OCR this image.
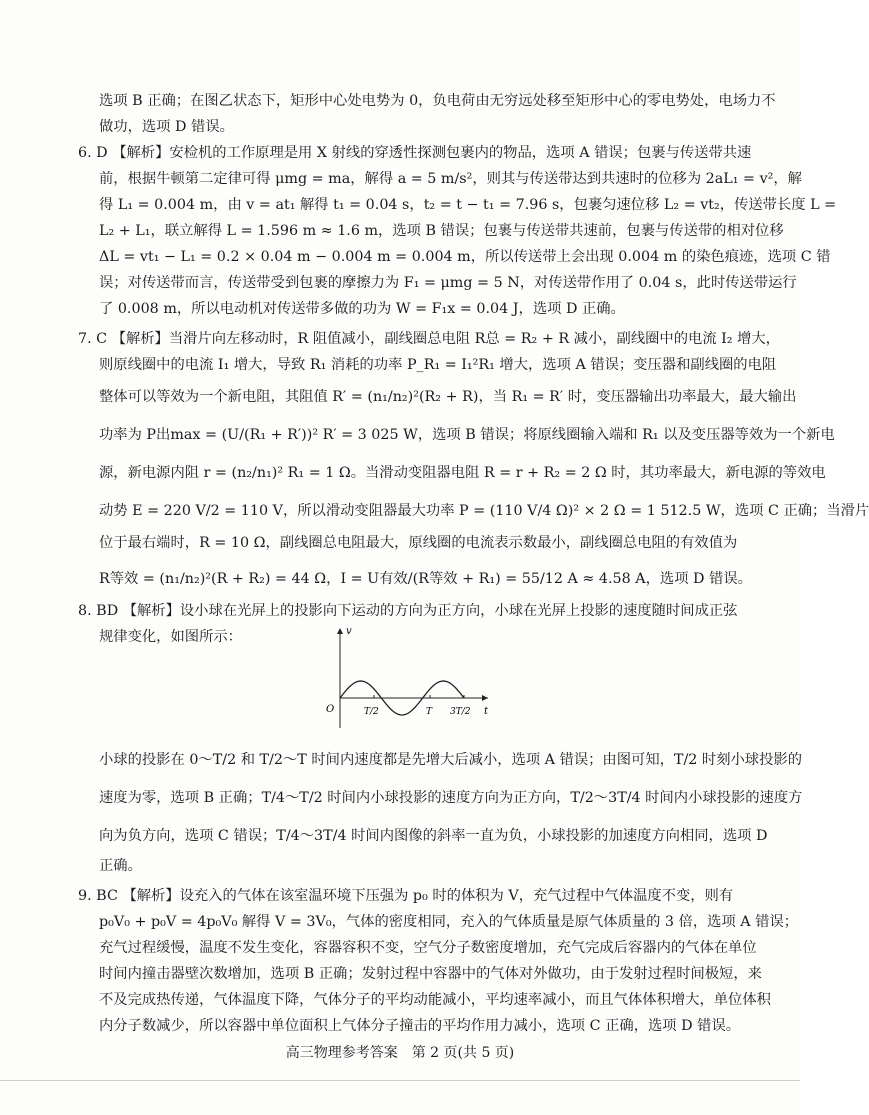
选项 B 正确；在图乙状态下，矩形中心处电势为 0，负电荷由无穷远处移至矩形中心的零电势处，电场力不
做功，选项 D 错误。
6. D 【解析】安检机的工作原理是用 X 射线的穿透性探测包裹内的物品，选项 A 错误；包裹与传送带共速
前，根据牛顿第二定律可得 μmg = ma，解得 a = 5 m/s²，则其与传送带达到共速时的位移为 2aL₁ = v²，解
得 L₁ = 0.004 m，由 v = at₁ 解得 t₁ = 0.04 s，t₂ = t − t₁ = 7.96 s，包裹匀速位移 L₂ = vt₂，传送带长度 L =
L₂ + L₁，联立解得 L = 1.596 m ≈ 1.6 m，选项 B 错误；包裹与传送带共速前，包裹与传送带的相对位移
ΔL = vt₁ − L₁ = 0.2 × 0.04 m − 0.004 m = 0.004 m，所以传送带上会出现 0.004 m 的染色痕迹，选项 C 错
误；对传送带而言，传送带受到包裹的摩擦力为 F₁ = μmg = 5 N，对传送带作用了 0.04 s，此时传送带运行
了 0.008 m，所以电动机对传送带多做的功为 W = F₁x = 0.04 J，选项 D 正确。
7. C 【解析】当滑片向左移动时，R 阻值减小，副线圈总电阻 R总 = R₂ + R 减小，副线圈中的电流 I₂ 增大，
则原线圈中的电流 I₁ 增大，导致 R₁ 消耗的功率 P_R₁ = I₁²R₁ 增大，选项 A 错误；变压器和副线圈的电阻
整体可以等效为一个新电阻，其阻值 R′ = (n₁/n₂)²(R₂ + R)，当 R₁ = R′ 时，变压器输出功率最大，最大输出
功率为 P出max = (U/(R₁ + R′))² R′ = 3 025 W，选项 B 错误；将原线圈输入端和 R₁ 以及变压器等效为一个新电
源，新电源内阻 r = (n₂/n₁)² R₁ = 1 Ω。当滑动变阻器电阻 R = r + R₂ = 2 Ω 时，其功率最大，新电源的等效电
动势 E = 220 V/2 = 110 V，所以滑动变阻器最大功率 P = (110 V/4 Ω)² × 2 Ω = 1 512.5 W，选项 C 正确；当滑片
位于最右端时，R = 10 Ω，副线圈总电阻最大，原线圈的电流表示数最小，副线圈总电阻的有效值为
R等效 = (n₁/n₂)²(R + R₂) = 44 Ω，I = U有效/(R等效 + R₁) = 55/12 A ≈ 4.58 A，选项 D 错误。
8. BD 【解析】设小球在光屏上的投影向下运动的方向为正方向，小球在光屏上投影的速度随时间成正弦
规律变化，如图所示：	v
t
O	T/2	T 3T/2
小球的投影在 0～T/2 和 T/2～T 时间内速度都是先增大后减小，选项 A 错误；由图可知，T/2 时刻小球投影的
速度为零，选项 B 正确；T/4～T/2 时间内小球投影的速度方向为正方向，T/2～3T/4 时间内小球投影的速度方
向为负方向，选项 C 错误；T/4～3T/4 时间内图像的斜率一直为负，小球投影的加速度方向相同，选项 D
正确。
9. BC 【解析】设充入的气体在该室温环境下压强为 p₀ 时的体积为 V，充气过程中气体温度不变，则有
p₀V₀ + p₀V = 4p₀V₀ 解得 V = 3V₀，气体的密度相同，充入的气体质量是原气体质量的 3 倍，选项 A 错误；
充气过程缓慢，温度不发生变化，容器容积不变，空气分子数密度增加，充气完成后容器内的气体在单位
时间内撞击器壁次数增加，选项 B 正确；发射过程中容器中的气体对外做功，由于发射过程时间极短，来
不及完成热传递，气体温度下降，气体分子的平均动能减小，平均速率减小，而且气体体积增大，单位体积
内分子数减少，所以容器中单位面积上气体分子撞击的平均作用力减小，选项 C 正确，选项 D 错误。
高三物理参考答案　第 2 页(共 5 页)
